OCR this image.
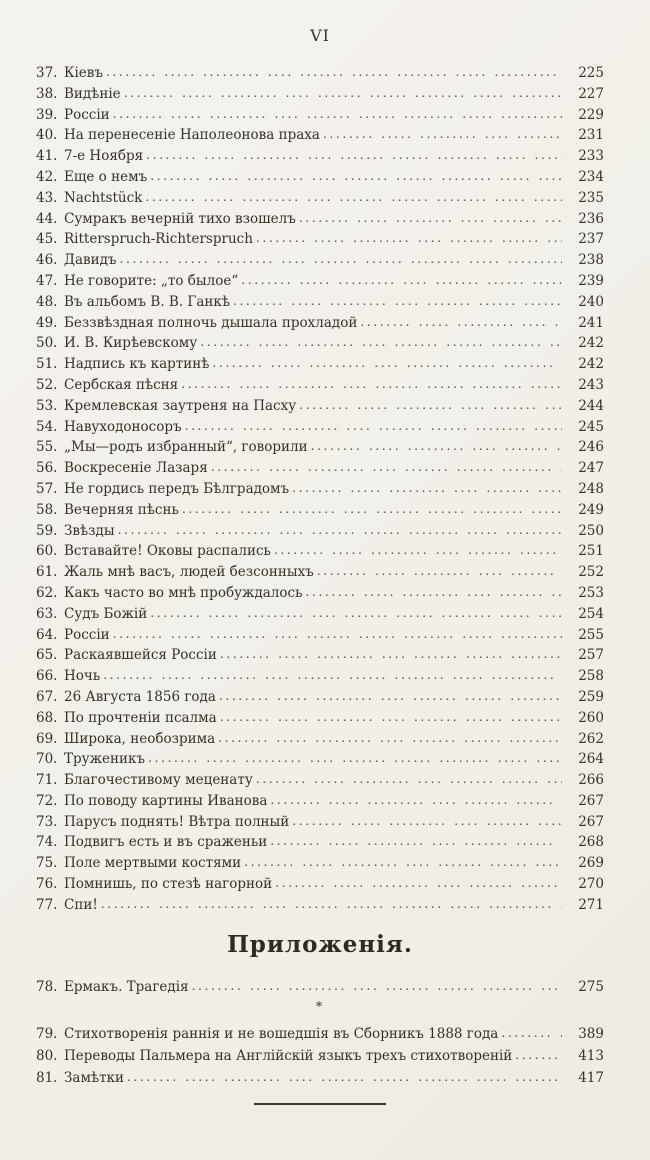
VI
37. Кіевъ .....	225
38. Видѣніе .....	227
39. Россіи .....	229
40. На перенесеніе Наполеонова праха .....	231
41. 7-е Ноября .....	233
42. Еще о немъ .....	234
43. Nachtstück .....	235
44. Сумракъ вечерній тихо взошелъ .....	236
45. Ritterspruch-Richterspruch .....	237
46. Давидъ .....	238
47. Не говорите: „то былое“ .....	239
48. Въ альбомъ В. В. Ганкѣ .....	240
49. Беззвѣздная полночь дышала прохладой .....	241
50. И. В. Кирѣевскому .....	242
51. Надпись къ картинѣ .....	242
52. Сербская пѣсня .....	243
53. Кремлевская заутреня на Пасху .....	244
54. Навуходоносоръ .....	245
55. „Мы—родъ избранный“, говорили .....	246
56. Воскресеніе Лазаря .....	247
57. Не гордись передъ Бѣлградомъ .....	248
58. Вечерняя пѣснь .....	249
59. Звѣзды .....	250
60. Вставайте! Оковы распались .....	251
61. Жаль мнѣ васъ, людей безсонныхъ .....	252
62. Какъ часто во мнѣ пробуждалось .....	253
63. Судъ Божій .....	254
64. Россіи .....	255
65. Раскаявшейся Россіи .....	257
66. Ночь .....	258
67. 26 Августа 1856 года .....	259
68. По прочтеніи псалма .....	260
69. Широка, необозрима .....	262
70. Труженикъ .....	264
71. Благочестивому меценату .....	266
72. По поводу картины Иванова .....	267
73. Парусъ поднять! Вѣтра полный .....	267
74. Подвигъ есть и въ сраженьи .....	268
75. Поле мертвыми костями .....	269
76. Помнишь, по стезѣ нагорной .....	270
77. Спи! .....	271
Приложенія.
78. Ермакъ. Трагедія .....	275
*
79. Стихотворенія раннія и не вошедшія въ Сборникъ 1888 года .....	389
80. Переводы Пальмера на Англійскій языкъ трехъ стихотвореній .....	413
81. Замѣтки .....	417
